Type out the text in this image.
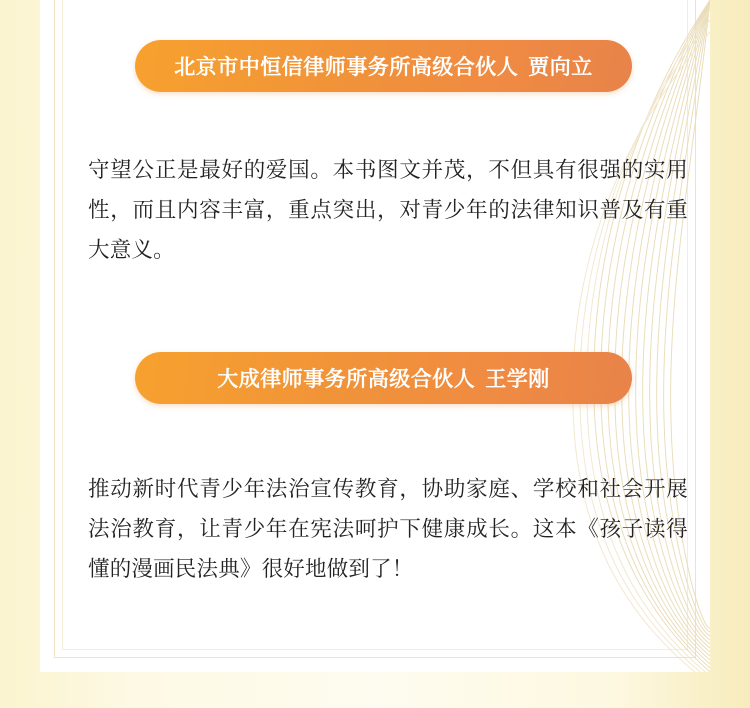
北京市中恒信律师事务所高级合伙人 贾向立

守望公正是最好的爱国。本书图文并茂，不但具有很强的实用性，而且内容丰富，重点突出，对青少年的法律知识普及有重大意义。

大成律师事务所高级合伙人 王学刚

推动新时代青少年法治宣传教育，协助家庭、学校和社会开展法治教育，让青少年在宪法呵护下健康成长。这本《孩子读得懂的漫画民法典》很好地做到了！
